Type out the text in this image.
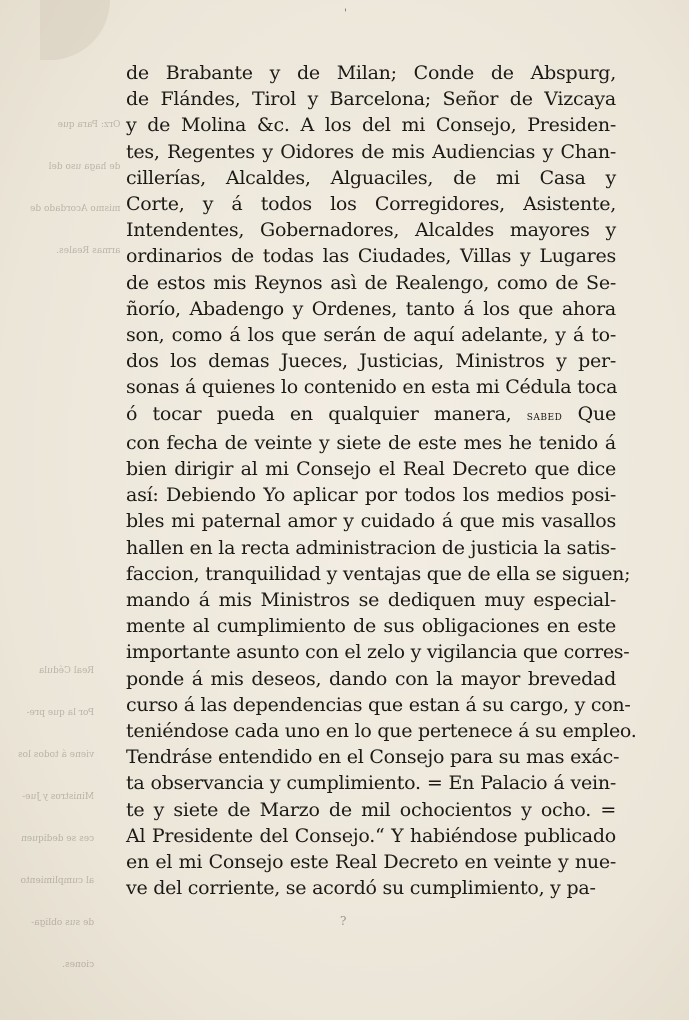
'

Orz: Para que

de haga uso del

mismo Acordado de

armas Reales.

Real Cédula

Por la que pre-

viene á todos los

Ministros y Jue-

ces se dediquen

al cumplimiento

de sus obliga-

ciones.

de Brabante y de Milan; Conde de Abspurg,
de Flándes, Tirol y Barcelona; Señor de Vizcaya
y de Molina &c. A los del mi Consejo, Presiden-
tes, Regentes y Oidores de mis Audiencias y Chan-
cillerías, Alcaldes, Alguaciles, de mi Casa y
Corte, y á todos los Corregidores, Asistente,
Intendentes, Gobernadores, Alcaldes mayores y
ordinarios de todas las Ciudades, Villas y Lugares
de estos mis Reynos asì de Realengo, como de Se-
ñorío, Abadengo y Ordenes, tanto á los que ahora
son, como á los que serán de aquí adelante, y á to-
dos los demas Jueces, Justicias, Ministros y per-
sonas á quienes lo contenido en esta mi Cédula toca
ó tocar pueda en qualquier manera, sabed Que
con fecha de veinte y siete de este mes he tenido á
bien dirigir al mi Consejo el Real Decreto que dice
así: Debiendo Yo aplicar por todos los medios posi-
bles mi paternal amor y cuidado á que mis vasallos
hallen en la recta administracion de justicia la satis-
faccion, tranquilidad y ventajas que de ella se siguen;
mando á mis Ministros se dediquen muy especial-
mente al cumplimiento de sus obligaciones en este
importante asunto con el zelo y vigilancia que corres-
ponde á mis deseos, dando con la mayor brevedad
curso á las dependencias que estan á su cargo, y con-
teniéndose cada uno en lo que pertenece á su empleo.
Tendráse entendido en el Consejo para su mas exác-
ta observancia y cumplimiento. = En Palacio á vein-
te y siete de Marzo de mil ochocientos y ocho. =
Al Presidente del Consejo.“ Y habiéndose publicado
en el mi Consejo este Real Decreto en veinte y nue-
ve del corriente, se acordó su cumplimiento, y pa-
?
